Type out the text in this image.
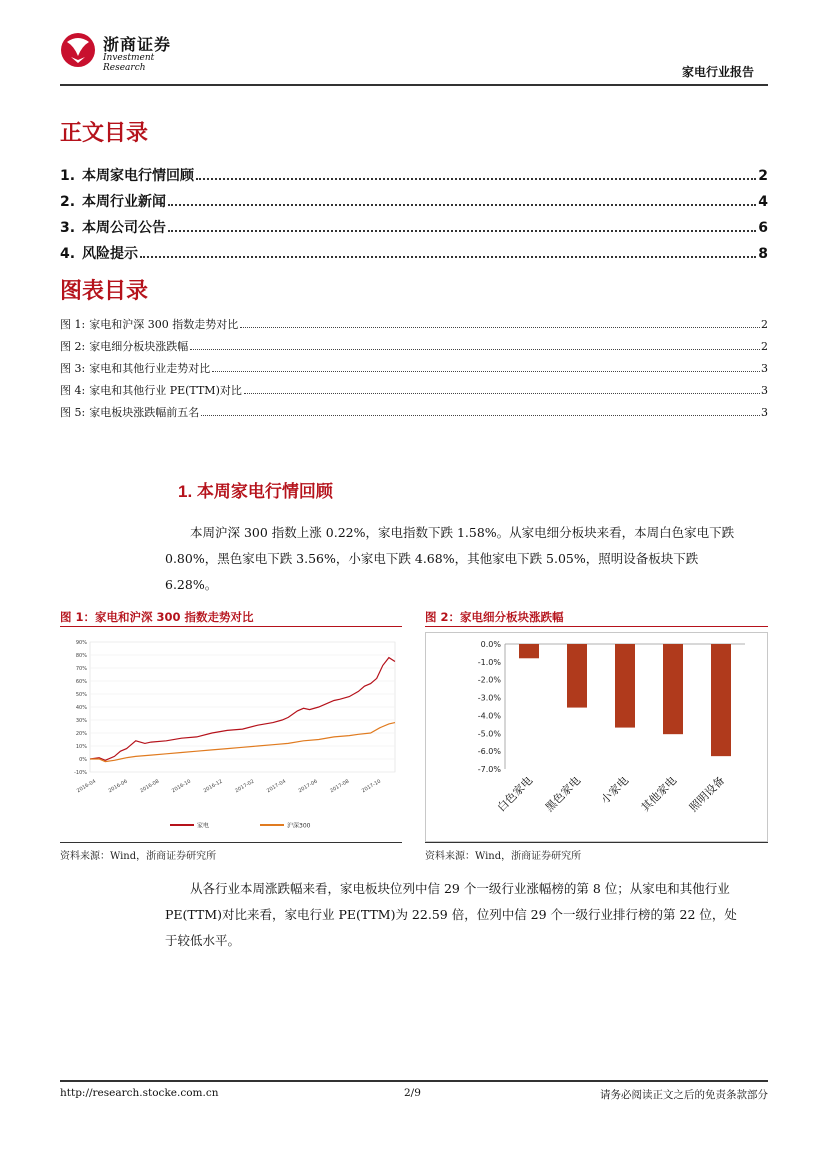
浙商证券
Investment Research	家电行业报告
正文目录
1. 本周家电行情回顾	2
2. 本周行业新闻	4
3. 本周公司公告	6
4. 风险提示	8
图表目录
图 1: 家电和沪深 300 指数走势对比	2
图 2: 家电细分板块涨跌幅	2
图 3: 家电和其他行业走势对比	3
图 4: 家电和其他行业 PE(TTM)对比	3
图 5: 家电板块涨跌幅前五名	3
1. 本周家电行情回顾

本周沪深 300 指数上涨 0.22%，家电指数下跌 1.58%。从家电细分板块来看，本周白色家电下跌 0.80%，黑色家电下跌 3.56%，小家电下跌 4.68%，其他家电下跌 5.05%，照明设备板块下跌 6.28%。

图 1：家电和沪深 300 指数走势对比
-10%
0%
10%
20%
30%
40%
50%
60%
70%
80%
90%
2016-04 2016-06 2016-08 2016-10 2016-12 2017-02 2017-04 2017-06 2017-08 2017-10
家电	沪深300
资料来源：Wind，浙商证券研究所
图 2：家电细分板块涨跌幅
0.0%
-1.0%
-2.0%
-3.0%
-4.0%
-5.0%
-6.0%
-7.0%
白色家电 黑色家电 小家电 其他家电 照明设备
资料来源：Wind，浙商证券研究所

从各行业本周涨跌幅来看，家电板块位列中信 29 个一级行业涨幅榜的第 8 位；从家电和其他行业 PE(TTM)对比来看，家电行业 PE(TTM)为 22.59 倍，位列中信 29 个一级行业排行榜的第 22 位，处于较低水平。

http://research.stocke.com.cn	2/9	请务必阅读正文之后的免责条款部分
